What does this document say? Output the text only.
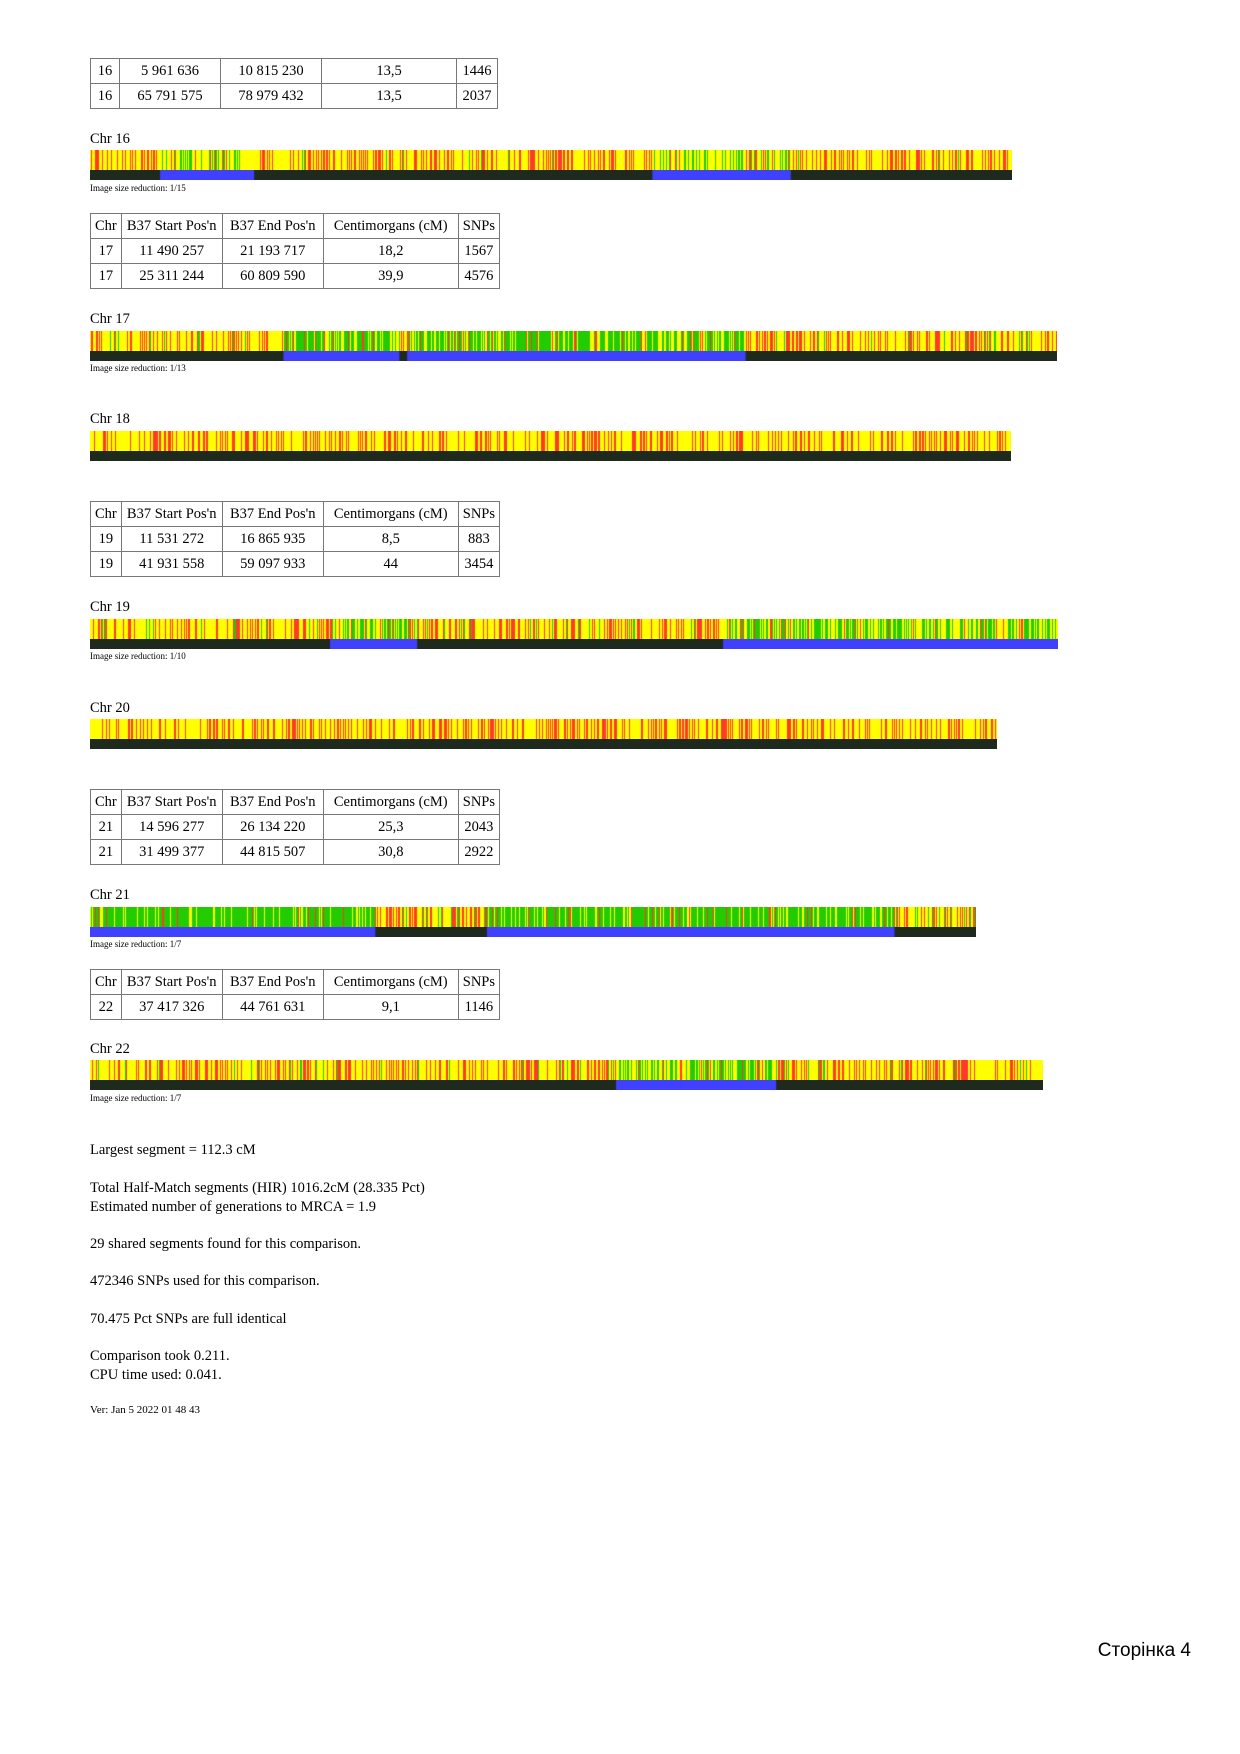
16	5 961 636	10 815 230	13,5	1446
16	65 791 575	78 979 432	13,5	2037
Chr 16
Image size reduction: 1/15
Chr	B37 Start Pos'n	B37 End Pos'n	Centimorgans (cM)	SNPs
17	11 490 257	21 193 717	18,2	1567
17	25 311 244	60 809 590	39,9	4576
Chr 17
Image size reduction: 1/13
Chr 18
Chr	B37 Start Pos'n	B37 End Pos'n	Centimorgans (cM)	SNPs
19	11 531 272	16 865 935	8,5	883
19	41 931 558	59 097 933	44	3454
Chr 19
Image size reduction: 1/10
Chr 20
Chr	B37 Start Pos'n	B37 End Pos'n	Centimorgans (cM)	SNPs
21	14 596 277	26 134 220	25,3	2043
21	31 499 377	44 815 507	30,8	2922
Chr 21
Image size reduction: 1/7
Chr	B37 Start Pos'n	B37 End Pos'n	Centimorgans (cM)	SNPs
22	37 417 326	44 761 631	9,1	1146
Chr 22
Image size reduction: 1/7
Largest segment = 112.3 cM
Total Half-Match segments (HIR) 1016.2cM (28.335 Pct)
Estimated number of generations to MRCA = 1.9
29 shared segments found for this comparison.
472346 SNPs used for this comparison.
70.475 Pct SNPs are full identical
Comparison took 0.211.
CPU time used: 0.041.
Ver: Jan 5 2022 01 48 43
Сторінка 4
